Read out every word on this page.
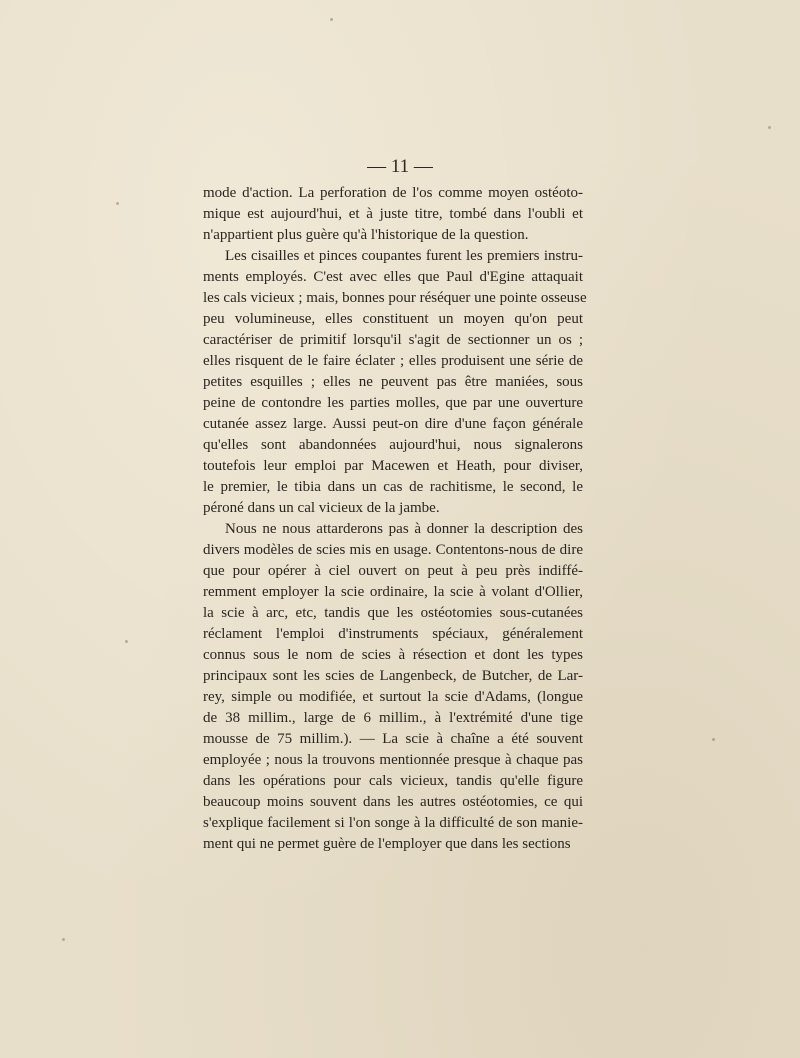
— 11 —
mode d'action. La perforation de l'os comme moyen ostéoto-
mique est aujourd'hui, et à juste titre, tombé dans l'oubli et
n'appartient plus guère qu'à l'historique de la question.
Les cisailles et pinces coupantes furent les premiers instru-
ments employés. C'est avec elles que Paul d'Egine attaquait
les cals vicieux ; mais, bonnes pour réséquer une pointe osseuse
peu volumineuse, elles constituent un moyen qu'on peut
caractériser de primitif lorsqu'il s'agit de sectionner un os ;
elles risquent de le faire éclater ; elles produisent une série de
petites esquilles ; elles ne peuvent pas être maniées, sous
peine de contondre les parties molles, que par une ouverture
cutanée assez large. Aussi peut-on dire d'une façon générale
qu'elles sont abandonnées aujourd'hui, nous signalerons
toutefois leur emploi par Macewen et Heath, pour diviser,
le premier, le tibia dans un cas de rachitisme, le second, le
péroné dans un cal vicieux de la jambe.
Nous ne nous attarderons pas à donner la description des
divers modèles de scies mis en usage. Contentons-nous de dire
que pour opérer à ciel ouvert on peut à peu près indiffé-
remment employer la scie ordinaire, la scie à volant d'Ollier,
la scie à arc, etc, tandis que les ostéotomies sous-cutanées
réclament l'emploi d'instruments spéciaux, généralement
connus sous le nom de scies à résection et dont les types
principaux sont les scies de Langenbeck, de Butcher, de Lar-
rey, simple ou modifiée, et surtout la scie d'Adams, (longue
de 38 millim., large de 6 millim., à l'extrémité d'une tige
mousse de 75 millim.). — La scie à chaîne a été souvent
employée ; nous la trouvons mentionnée presque à chaque pas
dans les opérations pour cals vicieux, tandis qu'elle figure
beaucoup moins souvent dans les autres ostéotomies, ce qui
s'explique facilement si l'on songe à la difficulté de son manie-
ment qui ne permet guère de l'employer que dans les sections
